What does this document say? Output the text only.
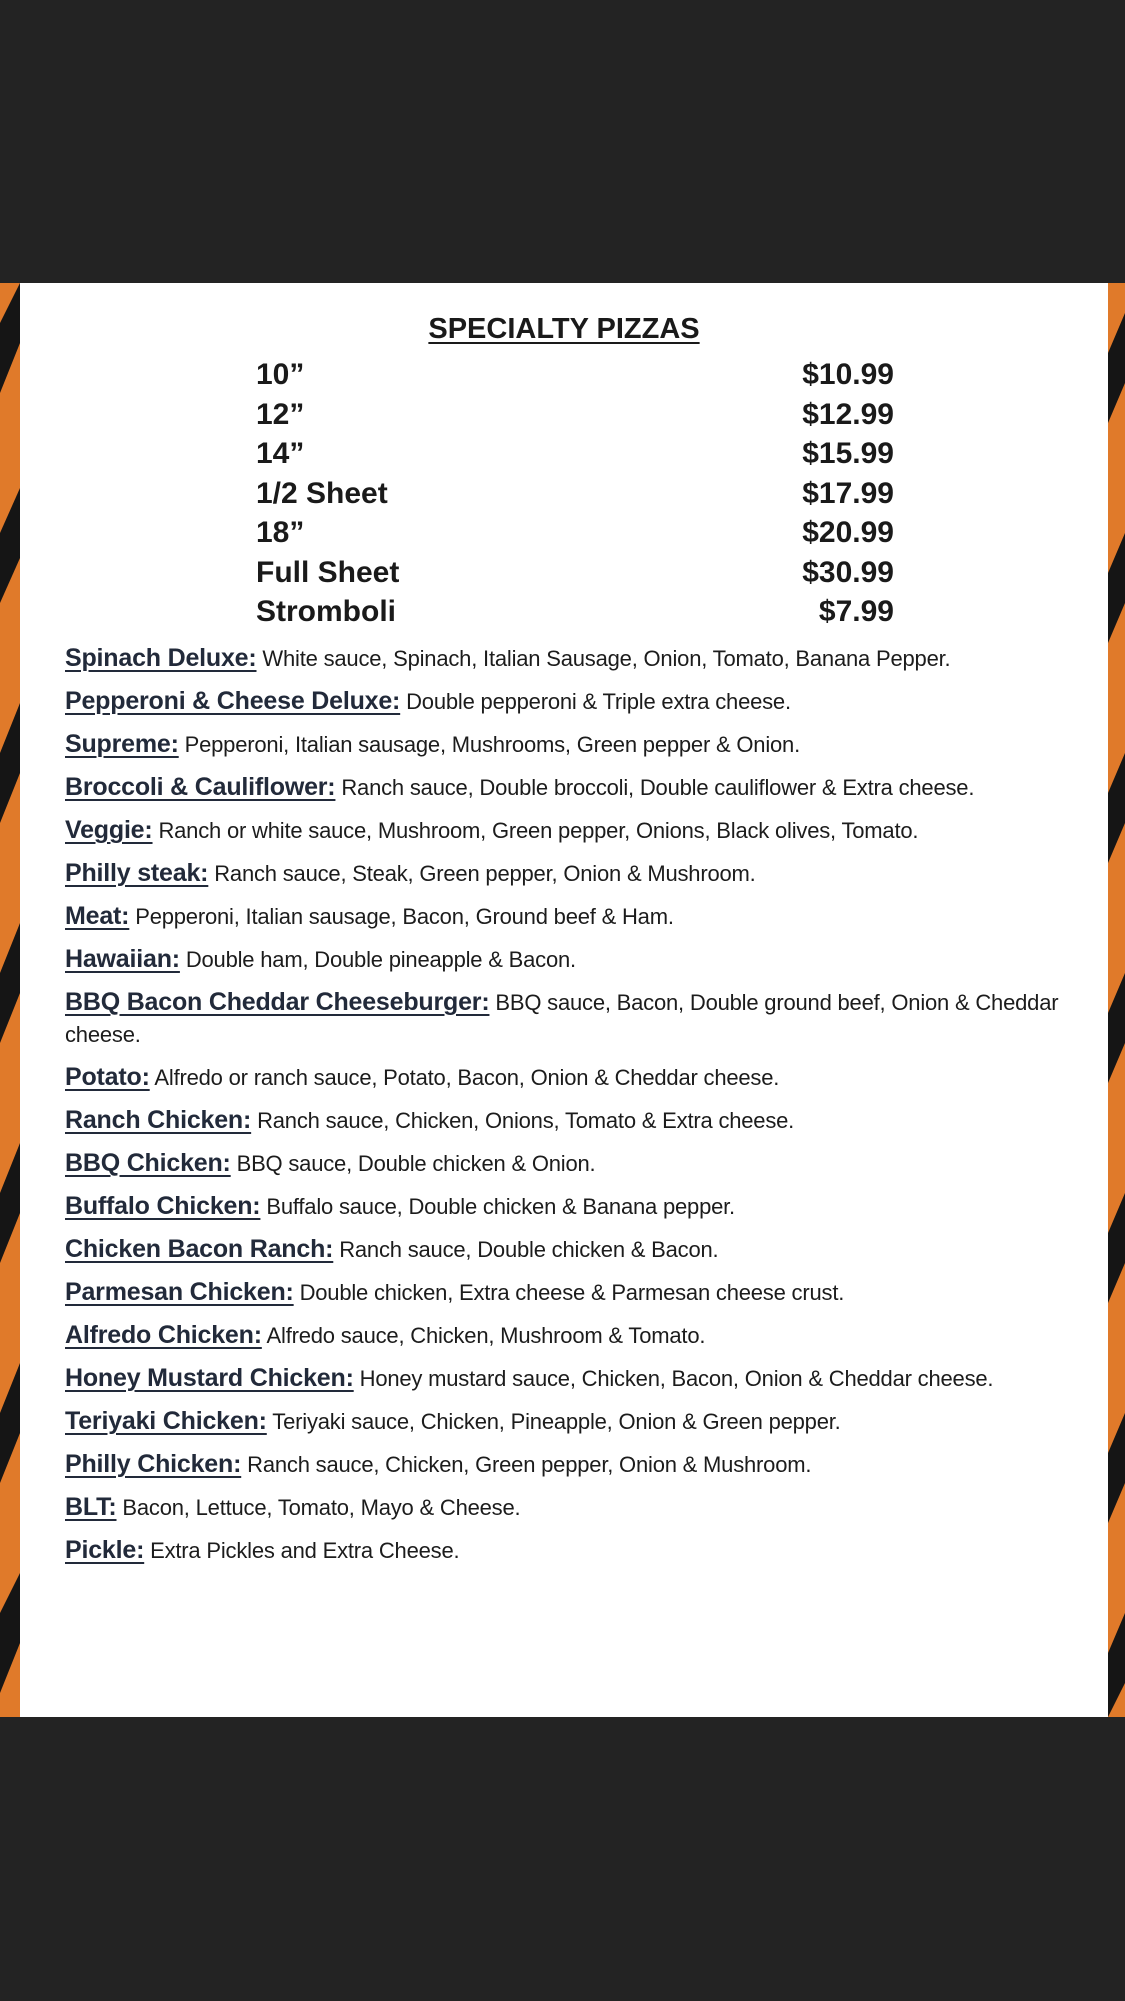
SPECIALTY PIZZAS
10”	$10.99
12”	$12.99
14”	$15.99
1/2 Sheet	$17.99
18”	$20.99
Full Sheet	$30.99
Stromboli	$7.99
Spinach Deluxe: White sauce, Spinach, Italian Sausage, Onion, Tomato, Banana Pepper.
Pepperoni & Cheese Deluxe: Double pepperoni & Triple extra cheese.
Supreme: Pepperoni, Italian sausage, Mushrooms, Green pepper & Onion.
Broccoli & Cauliflower: Ranch sauce, Double broccoli, Double cauliflower & Extra cheese.
Veggie: Ranch or white sauce, Mushroom, Green pepper, Onions, Black olives, Tomato.
Philly steak: Ranch sauce, Steak, Green pepper, Onion & Mushroom.
Meat: Pepperoni, Italian sausage, Bacon, Ground beef & Ham.
Hawaiian: Double ham, Double pineapple & Bacon.
BBQ Bacon Cheddar Cheeseburger: BBQ sauce, Bacon, Double ground beef, Onion & Cheddar cheese.
Potato: Alfredo or ranch sauce, Potato, Bacon, Onion & Cheddar cheese.
Ranch Chicken: Ranch sauce, Chicken, Onions, Tomato & Extra cheese.
BBQ Chicken: BBQ sauce, Double chicken & Onion.
Buffalo Chicken: Buffalo sauce, Double chicken & Banana pepper.
Chicken Bacon Ranch: Ranch sauce, Double chicken & Bacon.
Parmesan Chicken: Double chicken, Extra cheese & Parmesan cheese crust.
Alfredo Chicken: Alfredo sauce, Chicken, Mushroom & Tomato.
Honey Mustard Chicken: Honey mustard sauce, Chicken, Bacon, Onion & Cheddar cheese.
Teriyaki Chicken: Teriyaki sauce, Chicken, Pineapple, Onion & Green pepper.
Philly Chicken: Ranch sauce, Chicken, Green pepper, Onion & Mushroom.
BLT: Bacon, Lettuce, Tomato, Mayo & Cheese.
Pickle: Extra Pickles and Extra Cheese.
